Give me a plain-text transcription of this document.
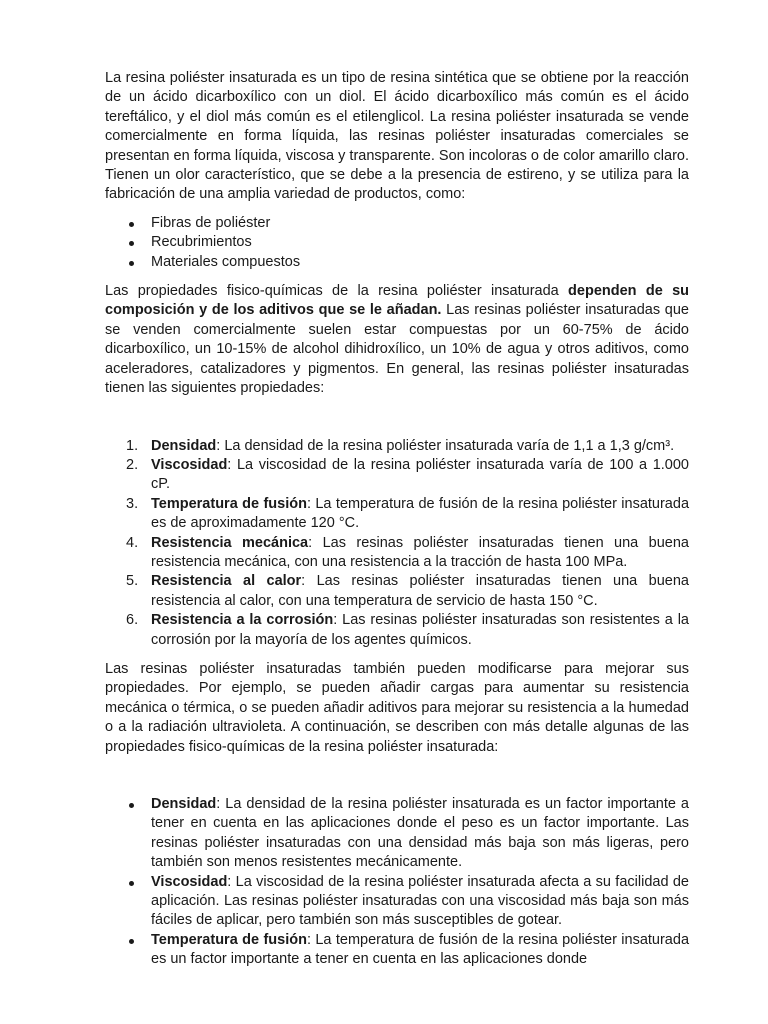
La resina poliéster insaturada es un tipo de resina sintética que se obtiene por la reacción de un ácido dicarboxílico con un diol. El ácido dicarboxílico más común es el ácido tereftálico, y el diol más común es el etilenglicol. La resina poliéster insaturada se vende comercialmente en forma líquida, las resinas poliéster insaturadas comerciales se presentan en forma líquida, viscosa y transparente. Son incoloras o de color amarillo claro. Tienen un olor característico, que se debe a la presencia de estireno, y se utiliza para la fabricación de una amplia variedad de productos, como:

Fibras de poliéster
Recubrimientos
Materiales compuestos

Las propiedades fisico-químicas de la resina poliéster insaturada dependen de su composición y de los aditivos que se le añadan. Las resinas poliéster insaturadas que se venden comercialmente suelen estar compuestas por un 60-75% de ácido dicarboxílico, un 10-15% de alcohol dihidroxílico, un 10% de agua y otros aditivos, como aceleradores, catalizadores y pigmentos. En general, las resinas poliéster insaturadas tienen las siguientes propiedades:

1. Densidad: La densidad de la resina poliéster insaturada varía de 1,1 a 1,3 g/cm³.
2. Viscosidad: La viscosidad de la resina poliéster insaturada varía de 100 a 1.000 cP.
3. Temperatura de fusión: La temperatura de fusión de la resina poliéster insaturada es de aproximadamente 120 °C.
4. Resistencia mecánica: Las resinas poliéster insaturadas tienen una buena resistencia mecánica, con una resistencia a la tracción de hasta 100 MPa.
5. Resistencia al calor: Las resinas poliéster insaturadas tienen una buena resistencia al calor, con una temperatura de servicio de hasta 150 °C.
6. Resistencia a la corrosión: Las resinas poliéster insaturadas son resistentes a la corrosión por la mayoría de los agentes químicos.

Las resinas poliéster insaturadas también pueden modificarse para mejorar sus propiedades. Por ejemplo, se pueden añadir cargas para aumentar su resistencia mecánica o térmica, o se pueden añadir aditivos para mejorar su resistencia a la humedad o a la radiación ultravioleta. A continuación, se describen con más detalle algunas de las propiedades fisico-químicas de la resina poliéster insaturada:

Densidad: La densidad de la resina poliéster insaturada es un factor importante a tener en cuenta en las aplicaciones donde el peso es un factor importante. Las resinas poliéster insaturadas con una densidad más baja son más ligeras, pero también son menos resistentes mecánicamente.
Viscosidad: La viscosidad de la resina poliéster insaturada afecta a su facilidad de aplicación. Las resinas poliéster insaturadas con una viscosidad más baja son más fáciles de aplicar, pero también son más susceptibles de gotear.
Temperatura de fusión: La temperatura de fusión de la resina poliéster insaturada es un factor importante a tener en cuenta en las aplicaciones donde
